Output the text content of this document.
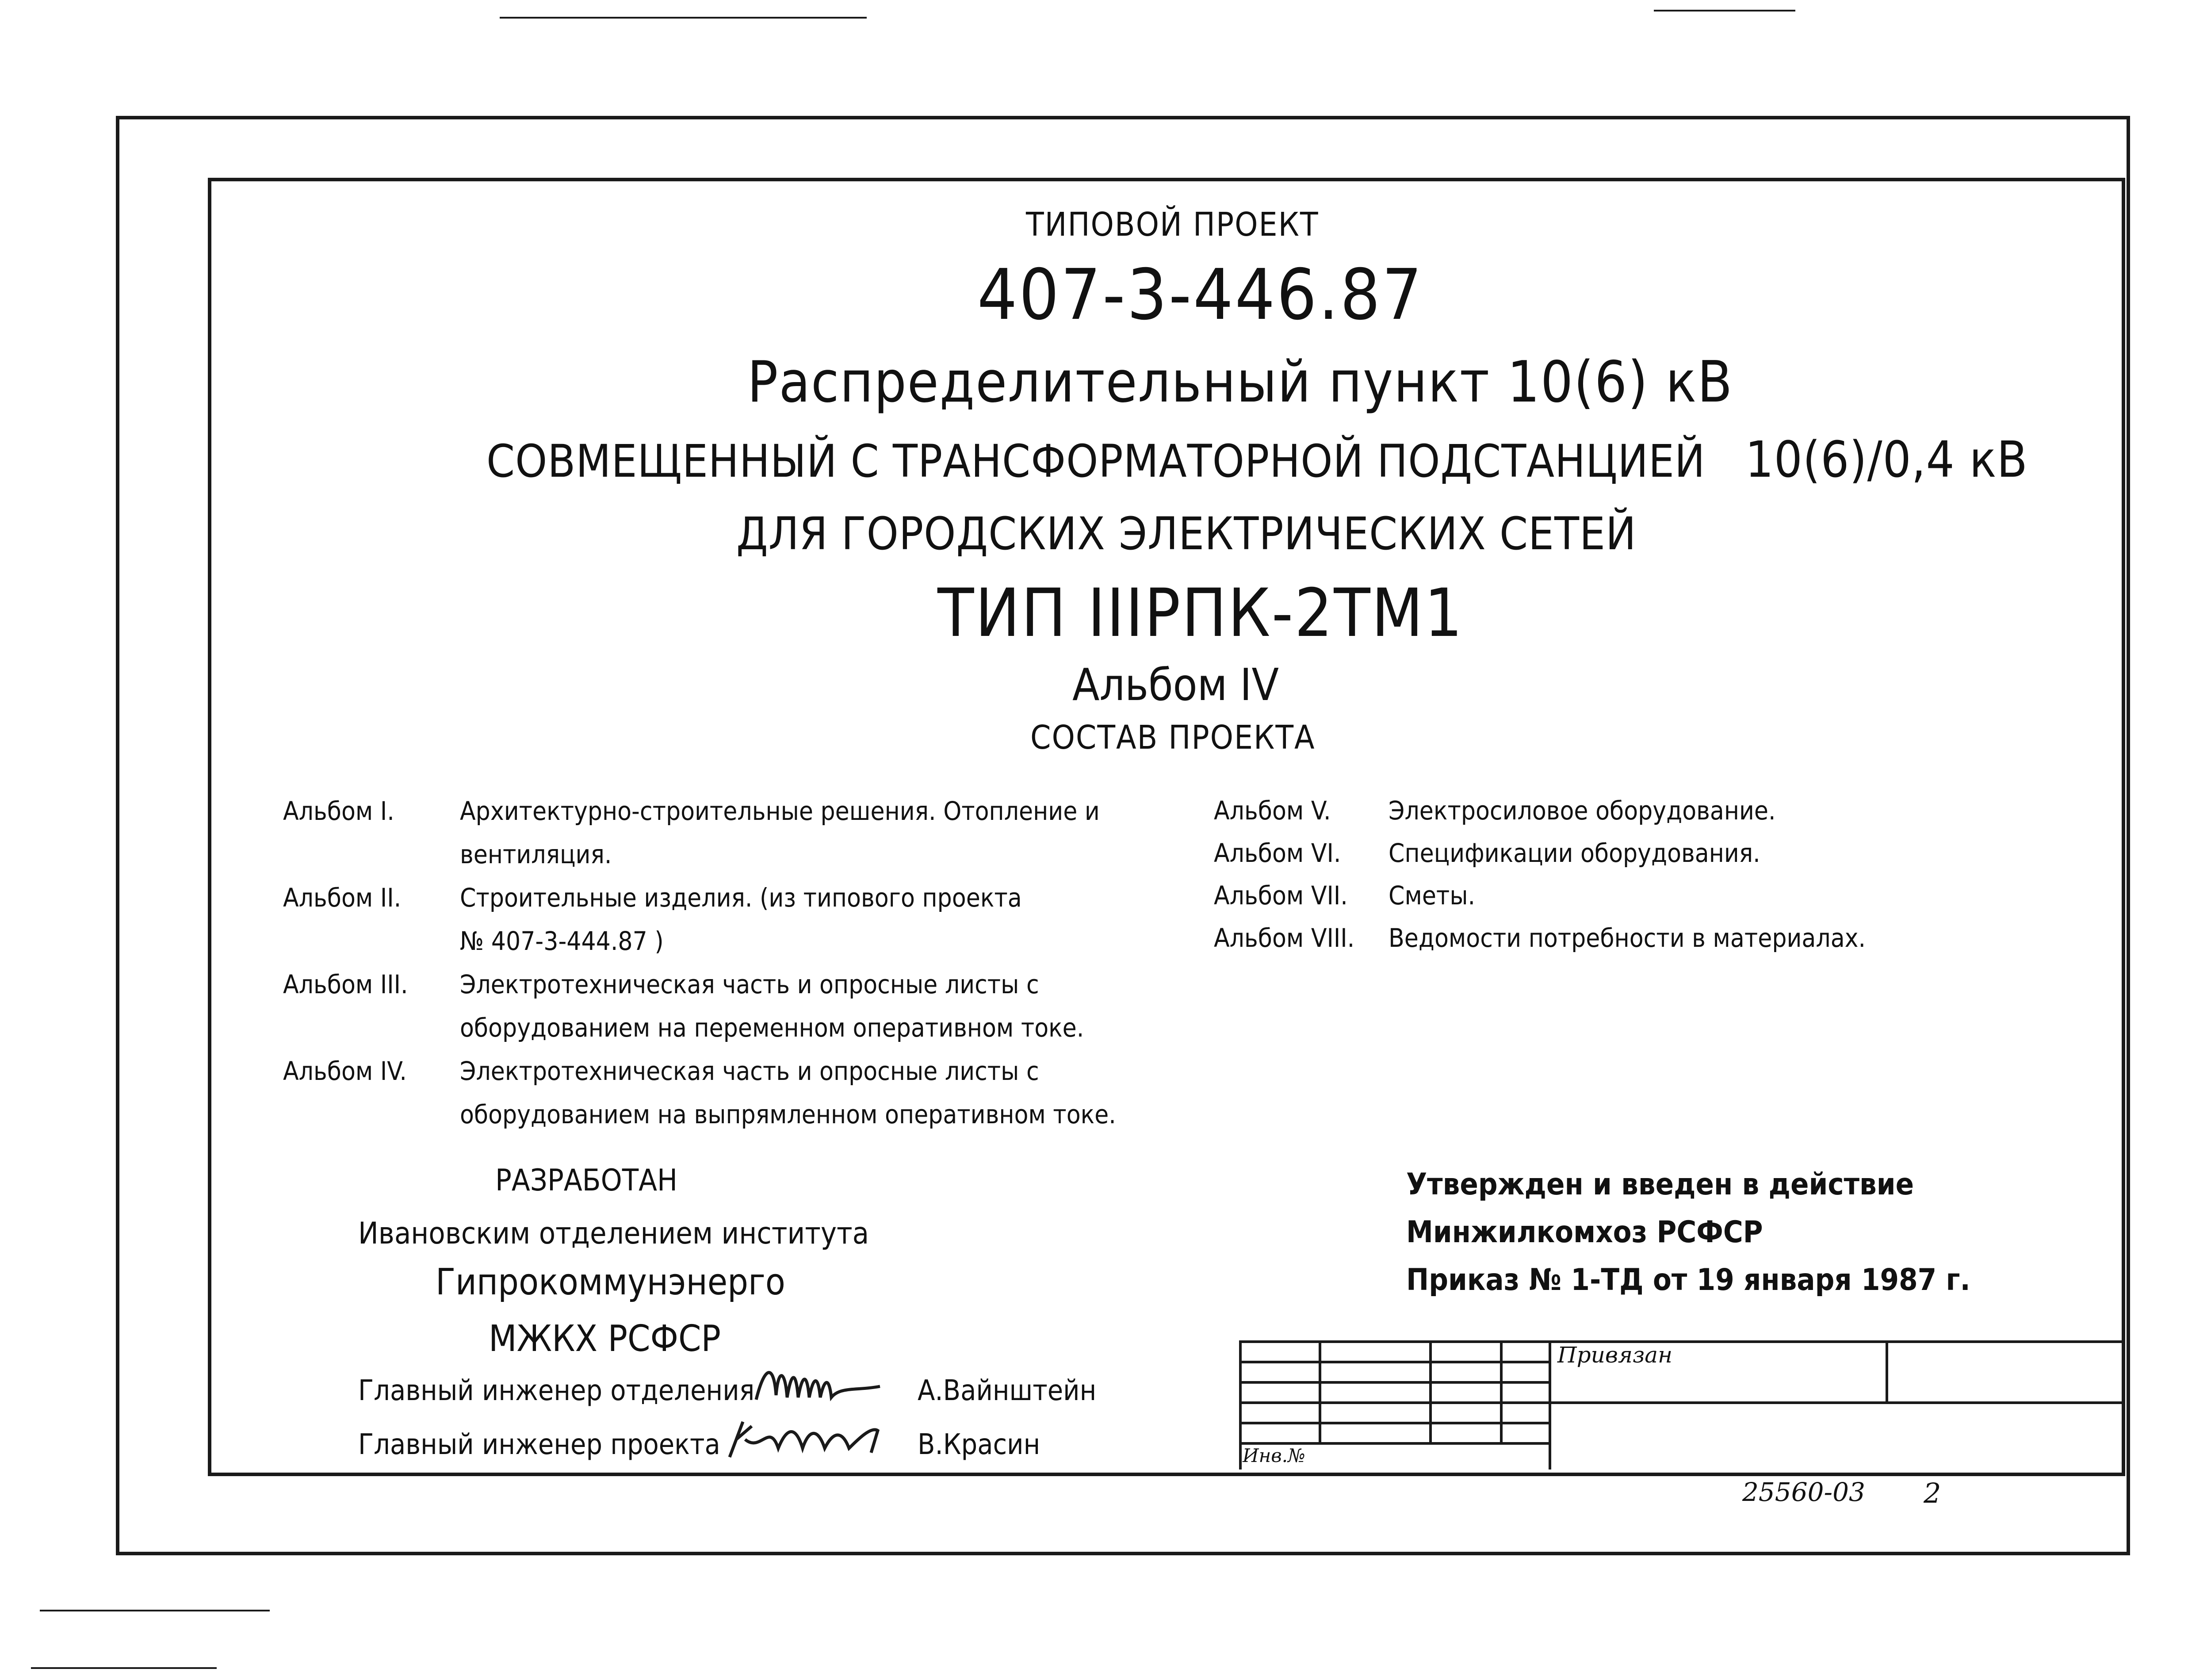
ТИПОВОЙ ПРОЕКТ
407-3-446.87
Распределительный пункт 10(6) кВ
СОВМЕЩЕННЫЙ С ТРАНСФОРМАТОРНОЙ ПОДСТАНЦИЕЙ 10(6)/0,4 кВ
ДЛЯ ГОРОДСКИХ ЭЛЕКТРИЧЕСКИХ СЕТЕЙ
ТИП IIIРПК-2ТМ1
Альбом IV
СОСТАВ ПРОЕКТА
Альбом I.	Архитектурно-строительные решения. Отопление и
вентиляция.
Альбом II. Строительные изделия. (из типового проекта
№ 407-3-444.87 )
Альбом III. Электротехническая часть и опросные листы с
оборудованием на переменном оперативном токе.
Альбом IV. Электротехническая часть и опросные листы с
оборудованием на выпрямленном оперативном токе.
Альбом V. Электросиловое оборудование.
Альбом VI. Спецификации оборудования.
Альбом VII. Сметы.
Альбом VIII. Ведомости потребности в материалах.
РАЗРАБОТАН
Ивановским отделением института
Гипрокоммунэнерго
МЖКХ РСФСР
Главный инженер отделения	А.Вайнштейн
Главный инженер проекта	В.Красин
Утвержден и введен в действие
Минжилкомхоз РСФСР
Приказ № 1-ТД от 19 января 1987 г.
Привязан
Инв.№
25560-03 2
